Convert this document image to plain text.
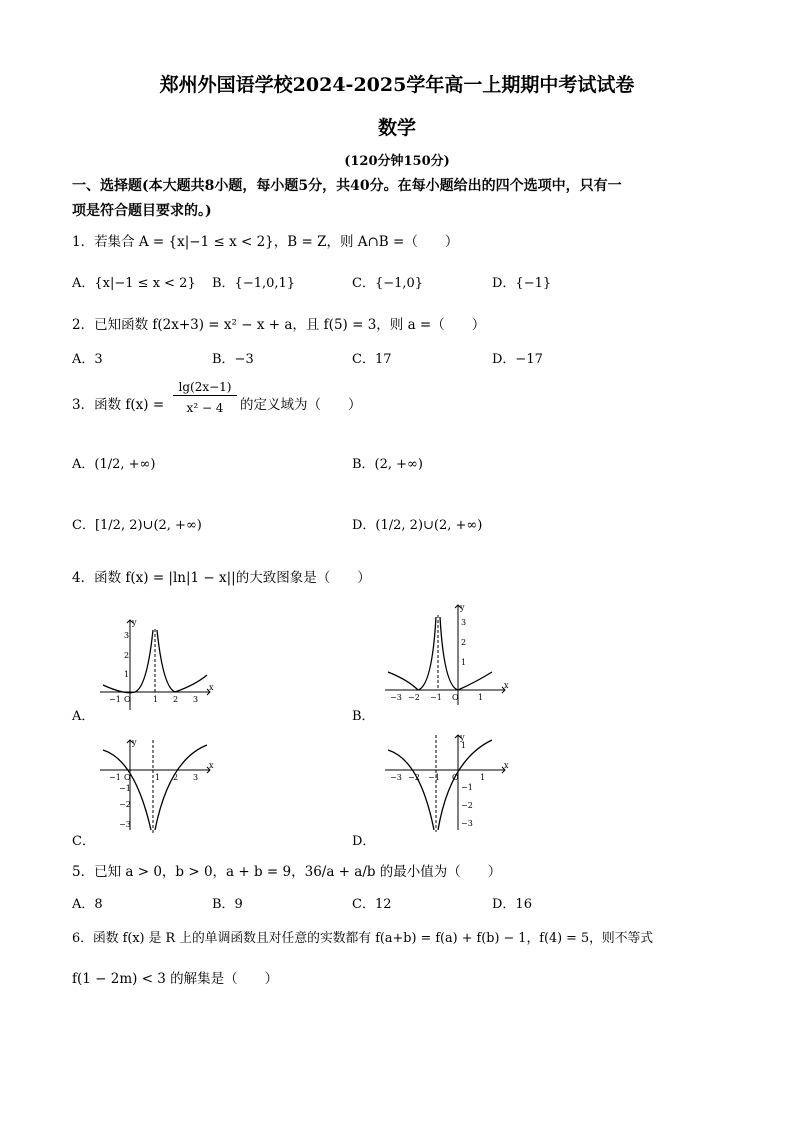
郑州外国语学校2024-2025学年高一上期期中考试试卷
数学
(120分钟150分)
一、选择题(本大题共8小题，每小题5分，共40分。在每小题给出的四个选项中，只有一
项是符合题目要求的。)
1．若集合 A = {x|−1 ≤ x < 2}，B = Z，则 A∩B =（　　）
A．{x|−1 ≤ x < 2} B．{−1,0,1}	C．{−1,0}	D．{−1}
2．已知函数 f(2x+3) = x² − x + a，且 f(5) = 3，则 a =（　　）
A．3	B．−3	C．17	D．−17
3．函数 f(x) =
lg(2x−1)
x² − 4	的定义域为（　　）
A．(1/2, +∞)	B．(2, +∞)
C．[1/2, 2)∪(2, +∞)	D．(1/2, 2)∪(2, +∞)
4．函数 f(x) = |ln|1 − x||的大致图象是（　　）
A．	B．
C．	D．
y
x
−1 O	1 2 3
3
2
1
y
x
−3 −2 −1 O 1
3
2
1
y
x
−1 O	1 2 3
−1
−2
−3
y
x
−3 −2 −1 O	1
1
−1
−2
−3
5．已知 a > 0，b > 0，a + b = 9，36/a + a/b 的最小值为（　　）
A．8	B．9	C．12	D．16
6．函数 f(x) 是 R 上的单调函数且对任意的实数都有 f(a+b) = f(a) + f(b) − 1，f(4) = 5，则不等式
f(1 − 2m) < 3 的解集是（　　）
